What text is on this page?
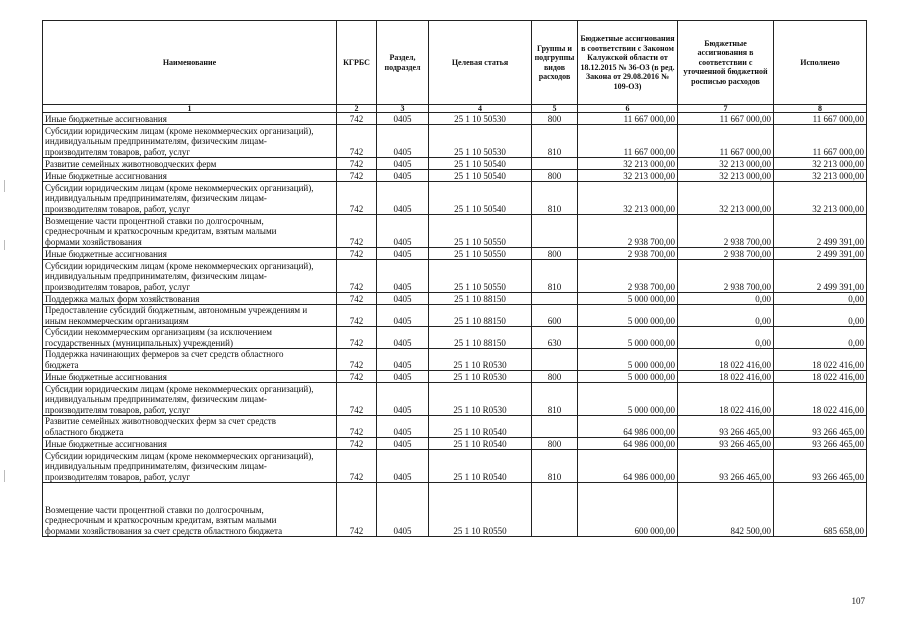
Наименование	КГРБС	Раздел, подраздел	Целевая статья	Группы и подгруппы видов расходов	Бюджетные ассигнования в соответствии с Законом Калужской области от 18.12.2015 № 36-ОЗ (в ред. Закона от 29.08.2016 № 109-ОЗ)	Бюджетные ассигнования в соответствии с уточненной бюджетной росписью расходов	Исполнено
1	2	3	4	5	6	7	8
Иные бюджетные ассигнования	742	0405	25 1 10 50530	800	11 667 000,00	11 667 000,00	11 667 000,00
Субсидии юридическим лицам (кроме некоммерческих организаций),
индивидуальным предпринимателям, физическим лицам-
производителям товаров, работ, услуг	742	0405	25 1 10 50530	810	11 667 000,00	11 667 000,00	11 667 000,00
Развитие семейных животноводческих ферм	742	0405	25 1 10 50540		32 213 000,00	32 213 000,00	32 213 000,00
Иные бюджетные ассигнования	742	0405	25 1 10 50540	800	32 213 000,00	32 213 000,00	32 213 000,00
Субсидии юридическим лицам (кроме некоммерческих организаций),
индивидуальным предпринимателям, физическим лицам-
производителям товаров, работ, услуг	742	0405	25 1 10 50540	810	32 213 000,00	32 213 000,00	32 213 000,00
Возмещение части процентной ставки по долгосрочным,
среднесрочным и краткосрочным кредитам, взятым малыми
формами хозяйствования	742	0405	25 1 10 50550		2 938 700,00	2 938 700,00	2 499 391,00
Иные бюджетные ассигнования	742	0405	25 1 10 50550	800	2 938 700,00	2 938 700,00	2 499 391,00
Субсидии юридическим лицам (кроме некоммерческих организаций),
индивидуальным предпринимателям, физическим лицам-
производителям товаров, работ, услуг	742	0405	25 1 10 50550	810	2 938 700,00	2 938 700,00	2 499 391,00
Поддержка малых форм хозяйствования	742	0405	25 1 10 88150		5 000 000,00	0,00	0,00
Предоставление субсидий бюджетным, автономным учреждениям и
иным некоммерческим организациям	742	0405	25 1 10 88150	600	5 000 000,00	0,00	0,00
Субсидии некоммерческим организациям (за исключением
государственных (муниципальных) учреждений)	742	0405	25 1 10 88150	630	5 000 000,00	0,00	0,00
Поддержка начинающих фермеров за счет средств областного
бюджета	742	0405	25 1 10 R0530		5 000 000,00	18 022 416,00	18 022 416,00
Иные бюджетные ассигнования	742	0405	25 1 10 R0530	800	5 000 000,00	18 022 416,00	18 022 416,00
Субсидии юридическим лицам (кроме некоммерческих организаций),
индивидуальным предпринимателям, физическим лицам-
производителям товаров, работ, услуг	742	0405	25 1 10 R0530	810	5 000 000,00	18 022 416,00	18 022 416,00
Развитие семейных животноводческих ферм за счет средств
областного бюджета	742	0405	25 1 10 R0540		64 986 000,00	93 266 465,00	93 266 465,00
Иные бюджетные ассигнования	742	0405	25 1 10 R0540	800	64 986 000,00	93 266 465,00	93 266 465,00
Субсидии юридическим лицам (кроме некоммерческих организаций),
индивидуальным предпринимателям, физическим лицам-
производителям товаров, работ, услуг	742	0405	25 1 10 R0540	810	64 986 000,00	93 266 465,00	93 266 465,00
Возмещение части процентной ставки по долгосрочным,
среднесрочным и краткосрочным кредитам, взятым малыми
формами хозяйствования за счет средств областного бюджета	742	0405	25 1 10 R0550		600 000,00	842 500,00	685 658,00
107
